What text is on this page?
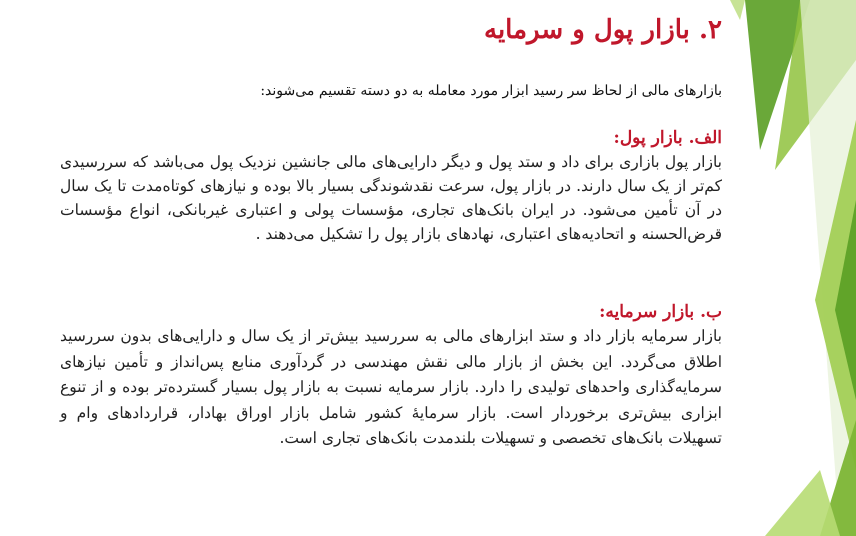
۲. بازار پول و سرمایه
بازارهای مالی از لحاظ سر رسید ابزار مورد معامله به دو دسته تقسیم می‌شوند:
الف. بازار پول:

بازار پول بازاری برای داد و ستد پول و دیگر دارایی‌های مالی جانشین نزدیک پول می‌باشد که سررسیدی کم‌تر از یک سال دارند. در بازار پول، سرعت نقدشوندگی بسیار بالا بوده و نیازهای کوتاه‌مدت تا یک سال در آن تأمین می‌شود. در ایران بانک‌های تجاری، مؤسسات پولی و اعتباری غیربانکی، انواع مؤسسات قرض‌الحسنه و اتحادیه‌های اعتباری، نهادهای بازار پول را تشکیل می‌دهند .

ب. بازار سرمایه:

بازار سرمایه بازار داد و ستد ابزارهای مالی به سررسید بیش‌تر از یک سال و دارایی‌های بدون سررسید اطلاق می‌گردد. این بخش از بازار مالی نقش مهندسی در گردآوری منابع پس‌انداز و تأمین نیازهای سرمایه‌گذاری واحدهای تولیدی را دارد. بازار سرمایه نسبت به بازار پول بسیار گسترده‌تر بوده و از تنوع ابزاری بیش‌تری برخوردار است. بازار سرمایهٔ کشور شامل بازار اوراق بهادار، قراردادهای وام و تسهیلات بانک‌های تخصصی و تسهیلات بلندمدت بانک‌های تجاری است.
